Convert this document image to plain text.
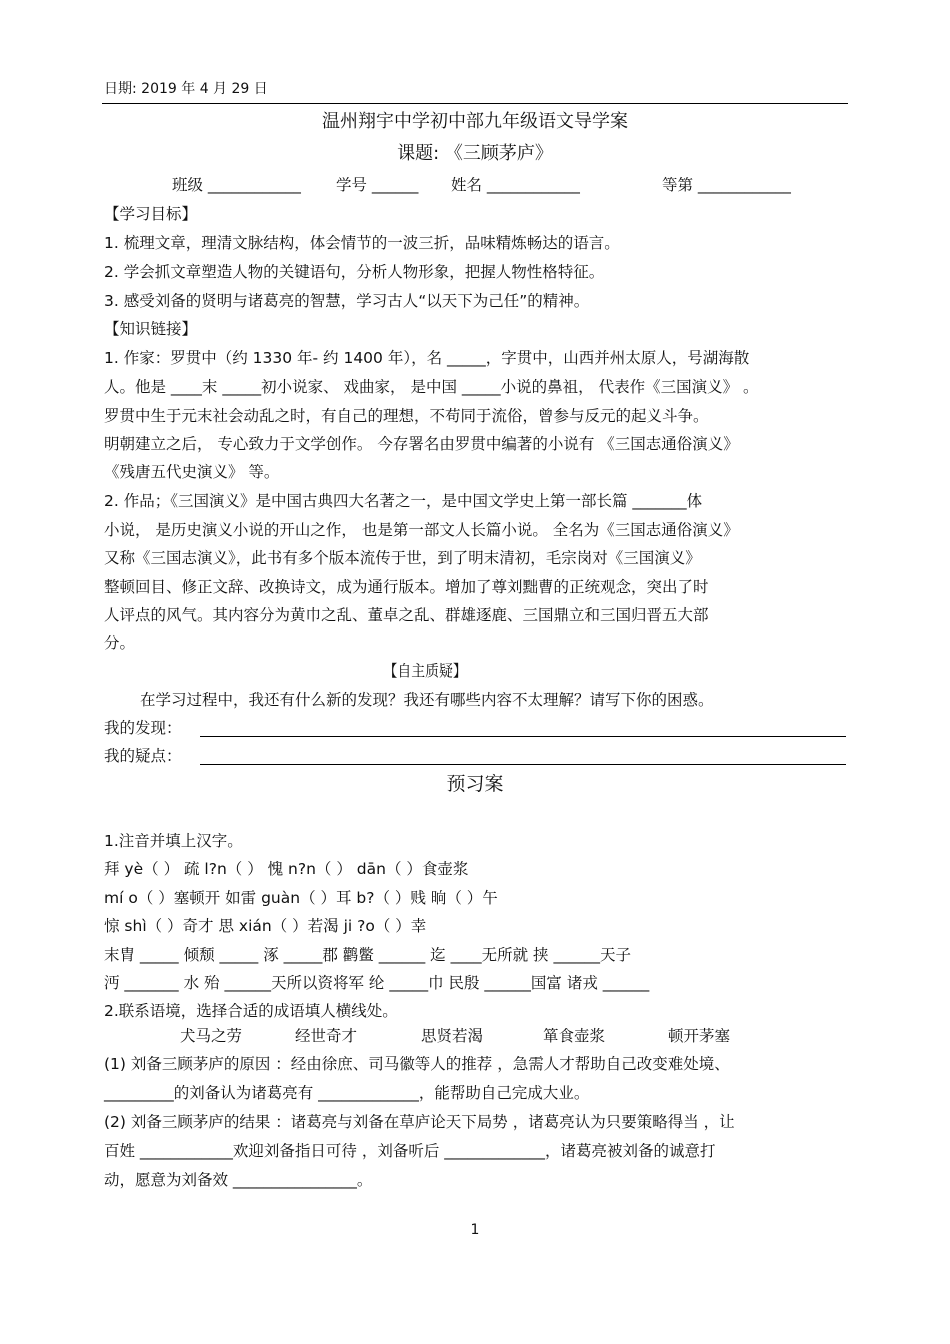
日期: 2019 年 4 月 29 日
温州翔宇中学初中部九年级语文导学案
课题: 《三顾茅庐》
班级 ____________ 学号 ______ 姓名 ____________	等第 ____________
【学习目标】
1. 梳理文章，理清文脉结构，体会情节的一波三折，品味精炼畅达的语言。
2. 学会抓文章塑造人物的关键语句，分析人物形象，把握人物性格特征。
3. 感受刘备的贤明与诸葛亮的智慧，学习古人“以天下为己任”的精神。
【知识链接】
1. 作家：罗贯中（约 1330 年- 约 1400 年），名 _____，字贯中，山西并州太原人，号湖海散
人。他是 ____末 _____初小说家、 戏曲家， 是中国 _____小说的鼻祖， 代表作《三国演义》 。
罗贯中生于元末社会动乱之时，有自己的理想，不苟同于流俗，曾参与反元的起义斗争。
明朝建立之后， 专心致力于文学创作。 今存署名由罗贯中编著的小说有 《三国志通俗演义》
《残唐五代史演义》 等。
2. 作品；《三国演义》是中国古典四大名著之一，是中国文学史上第一部长篇 _______体
小说， 是历史演义小说的开山之作， 也是第一部文人长篇小说。 全名为《三国志通俗演义》
又称《三国志演义》，此书有多个版本流传于世，到了明末清初，毛宗岗对《三国演义》
整顿回目、修正文辞、改换诗文，成为通行版本。增加了尊刘黜曹的正统观念，突出了时
人评点的风气。其内容分为黄巾之乱、董卓之乱、群雄逐鹿、三国鼎立和三国归晋五大部
分。
【自主质疑】
在学习过程中，我还有什么新的发现？我还有哪些内容不太理解？请写下你的困惑。
我的发现：
我的疑点：
预习案
1.注音并填上汉字。
拜 yè（ ） 疏 l?n（ ） 愧 n?n（ ） dān（ ）食壶浆
mí o（ ）塞顿开 如雷 guàn（ ）耳 b?（ ）贱 晌（ ）午
惊 shì（ ）奇才 思 xián（ ）若渴 ji ?o（ ）幸
末胄 _____ 倾颓 _____ 涿 _____郡 鹳鳖 ______ 迄 ____无所就 挟 ______天子
沔 _______ 水 殆 ______天所以资将军 纶 _____巾 民殷 ______国富 诸戎 ______
2.联系语境，选择合适的成语填人横线处。
犬马之劳	经世奇才	思贤若渴	箪食壶浆	顿开茅塞
(1) 刘备三顾茅庐的原因 ：经由徐庶、司马徽等人的推荐 ，急需人才帮助自己改变难处境、
_________的刘备认为诸葛亮有 _____________，能帮助自己完成大业。
(2) 刘备三顾茅庐的结果 ：诸葛亮与刘备在草庐论天下局势 ，诸葛亮认为只要策略得当 ，让
百姓 ____________欢迎刘备指日可待 ，刘备听后 _____________，诸葛亮被刘备的诚意打
动，愿意为刘备效 ________________。
1
